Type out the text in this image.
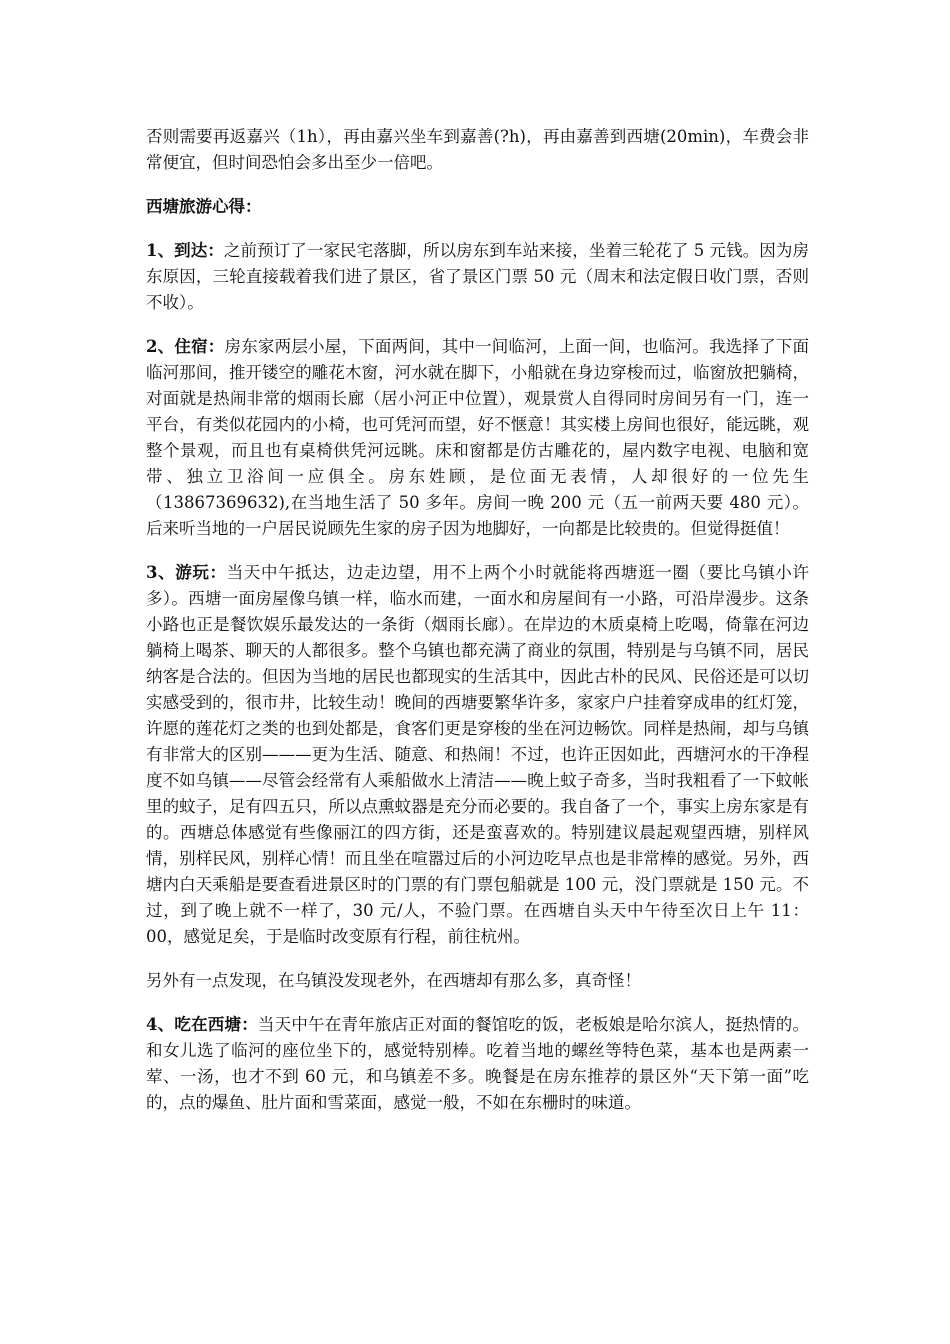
否则需要再返嘉兴（1h），再由嘉兴坐车到嘉善(?h)，再由嘉善到西塘(20min)，车费会非常便宜，但时间恐怕会多出至少一倍吧。

西塘旅游心得：

1、到达：之前预订了一家民宅落脚，所以房东到车站来接，坐着三轮花了 5 元钱。因为房东原因，三轮直接载着我们进了景区，省了景区门票 50 元（周末和法定假日收门票，否则不收）。

2、住宿：房东家两层小屋，下面两间，其中一间临河，上面一间，也临河。我选择了下面临河那间，推开镂空的雕花木窗，河水就在脚下，小船就在身边穿梭而过，临窗放把躺椅，对面就是热闹非常的烟雨长廊（居小河正中位置），观景赏人自得同时房间另有一门，连一平台，有类似花园内的小椅，也可凭河而望，好不惬意！其实楼上房间也很好，能远眺，观整个景观，而且也有桌椅供凭河远眺。床和窗都是仿古雕花的，屋内数字电视、电脑和宽带、独立卫浴间一应俱全。房东姓顾，是位面无表情，人却很好的一位先生（13867369632),在当地生活了 50 多年。房间一晚 200 元（五一前两天要 480 元）。后来听当地的一户居民说顾先生家的房子因为地脚好，一向都是比较贵的。但觉得挺值！

3、游玩：当天中午抵达，边走边望，用不上两个小时就能将西塘逛一圈（要比乌镇小许多）。西塘一面房屋像乌镇一样，临水而建，一面水和房屋间有一小路，可沿岸漫步。这条小路也正是餐饮娱乐最发达的一条街（烟雨长廊）。在岸边的木质桌椅上吃喝，倚靠在河边躺椅上喝茶、聊天的人都很多。整个乌镇也都充满了商业的氛围，特别是与乌镇不同，居民纳客是合法的。但因为当地的居民也都现实的生活其中，因此古朴的民风、民俗还是可以切实感受到的，很市井，比较生动！晚间的西塘要繁华许多，家家户户挂着穿成串的红灯笼，许愿的莲花灯之类的也到处都是，食客们更是穿梭的坐在河边畅饮。同样是热闹，却与乌镇有非常大的区别———更为生活、随意、和热闹！不过，也许正因如此，西塘河水的干净程度不如乌镇——尽管会经常有人乘船做水上清洁——晚上蚊子奇多，当时我粗看了一下蚊帐里的蚊子，足有四五只，所以点熏蚊器是充分而必要的。我自备了一个，事实上房东家是有的。西塘总体感觉有些像丽江的四方街，还是蛮喜欢的。特别建议晨起观望西塘，别样风情，别样民风，别样心情！而且坐在喧嚣过后的小河边吃早点也是非常棒的感觉。另外，西塘内白天乘船是要查看进景区时的门票的有门票包船就是 100 元，没门票就是 150 元。不过，到了晚上就不一样了，30 元/人，不验门票。在西塘自头天中午待至次日上午 11：00，感觉足矣，于是临时改变原有行程，前往杭州。

另外有一点发现，在乌镇没发现老外，在西塘却有那么多，真奇怪！

4、吃在西塘：当天中午在青年旅店正对面的餐馆吃的饭，老板娘是哈尔滨人，挺热情的。和女儿选了临河的座位坐下的，感觉特别棒。吃着当地的螺丝等特色菜，基本也是两素一荤、一汤，也才不到 60 元，和乌镇差不多。晚餐是在房东推荐的景区外“天下第一面”吃的，点的爆鱼、肚片面和雪菜面，感觉一般，不如在东栅时的味道。
